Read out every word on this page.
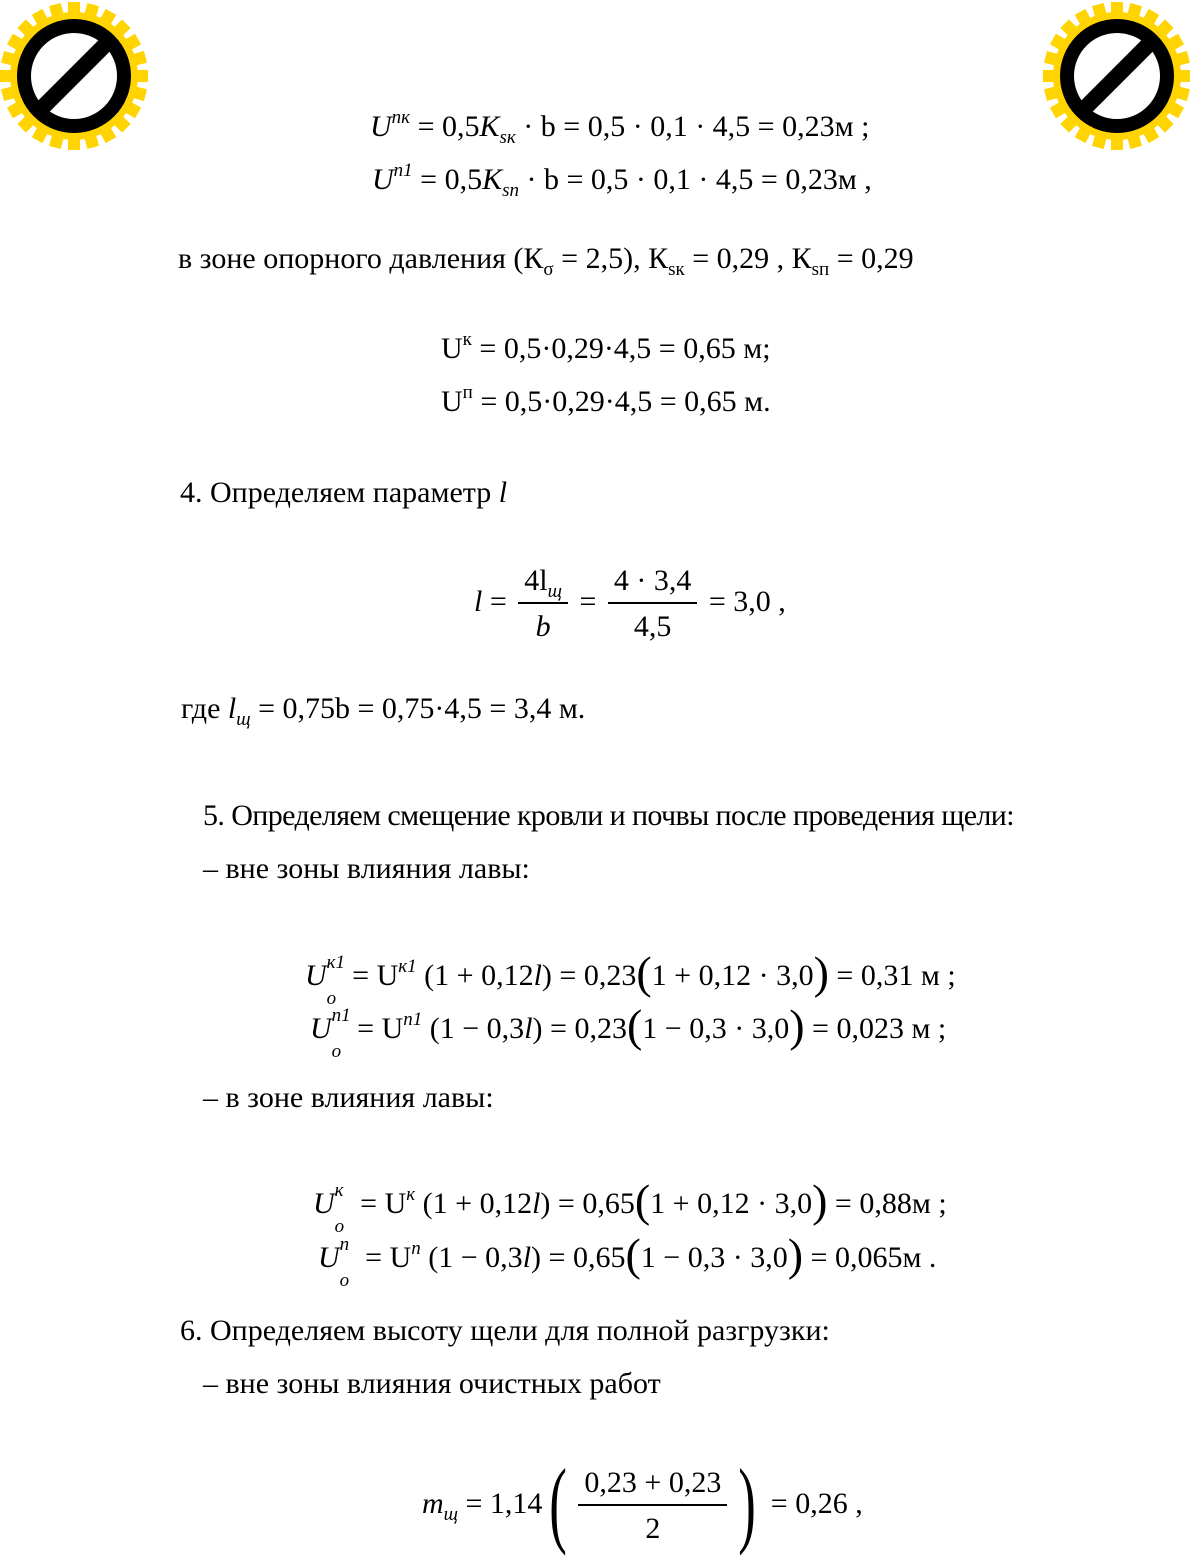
$U^{пк} = 0,5K_{sк} \cdot b = 0,5 \cdot 0,1 \cdot 4,5 = 0,23м$ ;
$U^{п1} = 0,5K_{sп} \cdot b = 0,5 \cdot 0,1 \cdot 4,5 = 0,23м$ ,
в зоне опорного давления $(К_\sigma = 2,5)$, $К_{sк} = 0,29$ , $К_{sп} = 0,29$
$U^к = 0,5\cdot 0,29\cdot 4,5 = 0,65$ м;
$U^п = 0,5\cdot 0,29\cdot 4,5 = 0,65$ м.
4. Определяем параметр l
$l = \frac{4l_щ}{b} = \frac{4 \cdot 3,4}{4,5} = 3,0$ ,
где $l_щ = 0,75b = 0,75\cdot 4,5 = 3,4$ м.
5. Определяем смещение кровли и почвы после проведения щели:
– вне зоны влияния лавы:
U к1
о
= $U^{к1}$ (1 + 0,12l) = 0,23(1 + 0,12 · 3,0) = 0,31 м ;
U п1
о
= $U^{п1}$ (1 − 0,3l) = 0,23(1 − 0,3 · 3,0) = 0,023 м ;
– в зоне влияния лавы:
U к
о
= $U^к$ (1 + 0,12l) = 0,65(1 + 0,12 · 3,0) = 0,88м ;
U п
о
= $U^п$ (1 − 0,3l) = 0,65(1 − 0,3 · 3,0) = 0,065м .
6. Определяем высоту щели для полной разгрузки:
– вне зоны влияния очистных работ
$m_щ = 1,14( \frac{0,23 + 0,23}{2}$ ) = 0,26 ,
